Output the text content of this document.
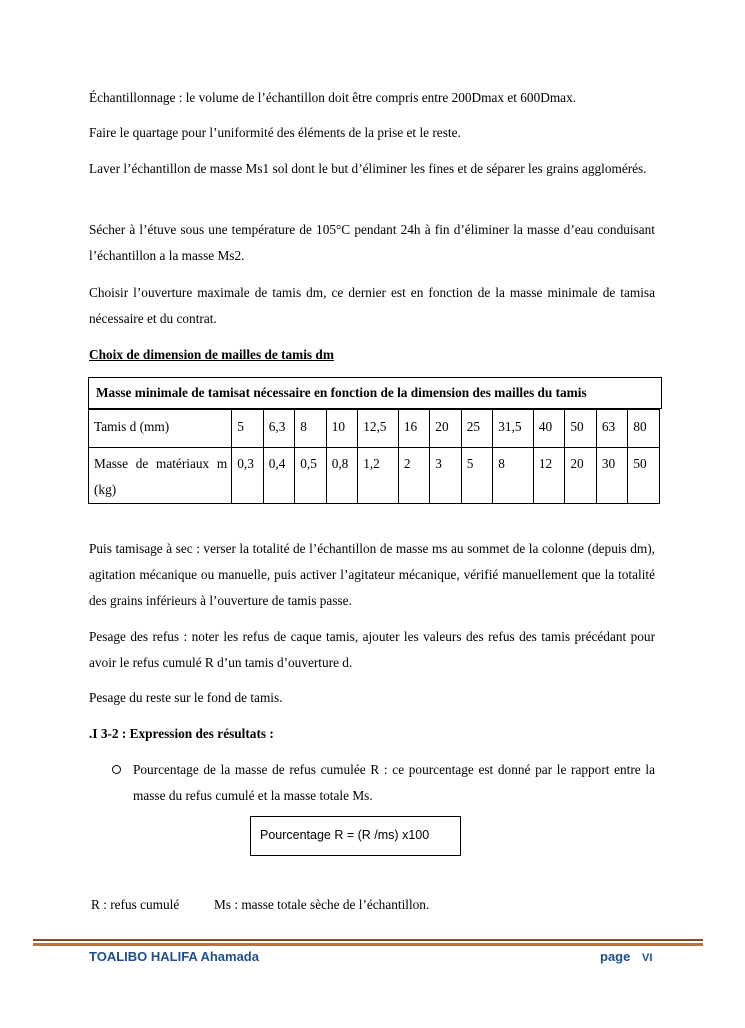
Échantillonnage : le volume de l’échantillon doit être compris entre 200Dmax et 600Dmax.

Faire le quartage pour l’uniformité des éléments de la prise et le reste.

Laver l’échantillon de masse Ms1 sol dont le but d’éliminer les fines et de séparer les grains agglomérés.

Sécher à l’étuve sous une température de 105°C pendant 24h à fin d’éliminer la masse d’eau conduisant l’échantillon a la masse Ms2.

Choisir l’ouverture maximale de tamis dm, ce dernier est en fonction de la masse minimale de tamisa nécessaire et du contrat.

Choix de dimension de mailles de tamis dm

Masse minimale de tamisat nécessaire en fonction de la dimension des mailles du tamis
Tamis d (mm)	5	6,3	8	10	12,5	16	20	25	31,5	40	50	63	80
Masse de matériaux m (kg)	0,3	0,4	0,5	0,8	1,2	2	3	5	8	12	20	30	50

Puis tamisage à sec : verser la totalité de l’échantillon de masse ms au sommet de la colonne (depuis dm), agitation mécanique ou manuelle, puis activer l’agitateur mécanique, vérifié manuellement que la totalité des grains inférieurs à l’ouverture de tamis passe.

Pesage des refus : noter les refus de caque tamis, ajouter les valeurs des refus des tamis précédant pour avoir le refus cumulé R d’un tamis d’ouverture d.

Pesage du reste sur le fond de tamis.

.I 3-2 : Expression des résultats :

Pourcentage de la masse de refus cumulée R : ce pourcentage est donné par le rapport entre la masse du refus cumulé et la masse totale Ms.
Pourcentage R = (R /ms) x100
R : refus cumulé	Ms : masse totale sèche de l’échantillon.
TOALIBO HALIFA Ahamada	page VI
